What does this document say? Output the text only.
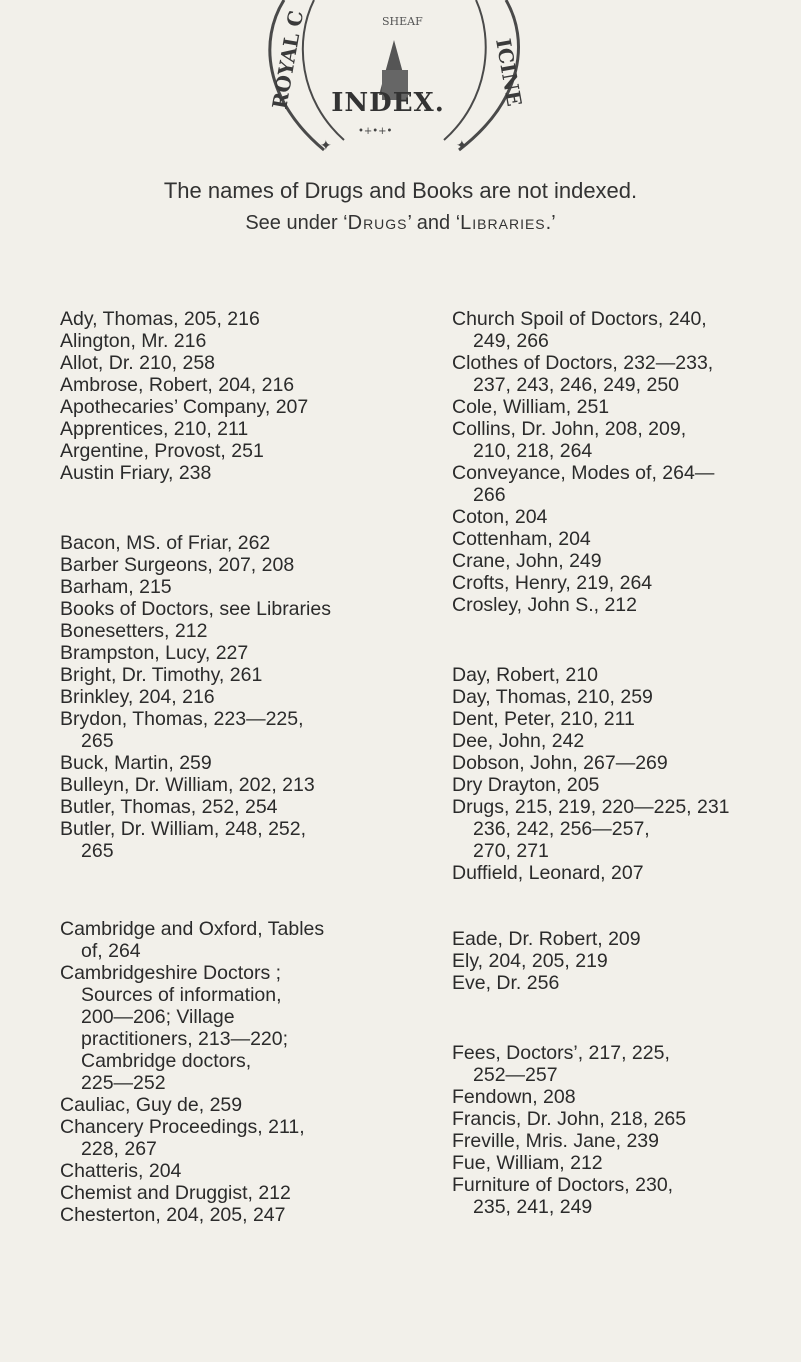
ROYAL C	ICINE
SHEAF
•+•+•
✦	✦
INDEX.
The names of Drugs and Books are not indexed.
See under ‘Drugs’ and ‘Libraries.’
Ady, Thomas, 205, 216
Alington, Mr. 216
Allot, Dr. 210, 258
Ambrose, Robert, 204, 216
Apothecaries’ Company, 207
Apprentices, 210, 211
Argentine, Provost, 251
Austin Friary, 238
Bacon, MS. of Friar, 262
Barber Surgeons, 207, 208
Barham, 215
Books of Doctors, see Libraries
Bonesetters, 212
Brampston, Lucy, 227
Bright, Dr. Timothy, 261
Brinkley, 204, 216
Brydon, Thomas, 223—225,
265
Buck, Martin, 259
Bulleyn, Dr. William, 202, 213
Butler, Thomas, 252, 254
Butler, Dr. William, 248, 252,
265
Cambridge and Oxford, Tables
of, 264
Cambridgeshire Doctors ;
Sources of information,
200—206; Village
practitioners, 213—220;
Cambridge doctors,
225—252
Cauliac, Guy de, 259
Chancery Proceedings, 211,
228, 267
Chatteris, 204
Chemist and Druggist, 212
Chesterton, 204, 205, 247
Church Spoil of Doctors, 240,
249, 266
Clothes of Doctors, 232—233,
237, 243, 246, 249, 250
Cole, William, 251
Collins, Dr. John, 208, 209,
210, 218, 264
Conveyance, Modes of, 264—
266
Coton, 204
Cottenham, 204
Crane, John, 249
Crofts, Henry, 219, 264
Crosley, John S., 212
Day, Robert, 210
Day, Thomas, 210, 259
Dent, Peter, 210, 211
Dee, John, 242
Dobson, John, 267—269
Dry Drayton, 205
Drugs, 215, 219, 220—225, 231
236, 242, 256—257,
270, 271
Duffield, Leonard, 207
Eade, Dr. Robert, 209
Ely, 204, 205, 219
Eve, Dr. 256
Fees, Doctors’, 217, 225,
252—257
Fendown, 208
Francis, Dr. John, 218, 265
Freville, Mris. Jane, 239
Fue, William, 212
Furniture of Doctors, 230,
235, 241, 249
